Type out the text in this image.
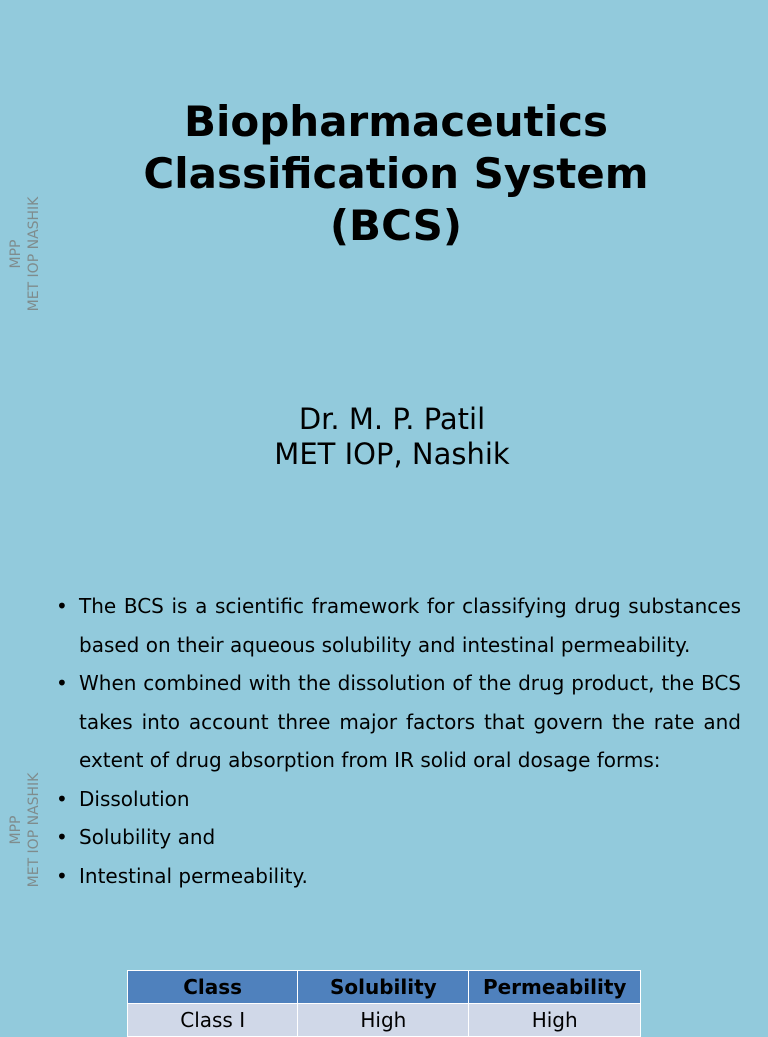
MPP MET IOP NASHIK
Biopharmaceutics
Classification System
(BCS)
Dr. M. P. Patil
MET IOP, Nashik
MPP MET IOP NASHIK
• The BCS is a scientific framework for classifying drug substances based on their aqueous solubility and intestinal permeability.
• When combined with the dissolution of the drug product, the BCS takes into account three major factors that govern the rate and extent of drug absorption from IR solid oral dosage forms:
• Dissolution
• Solubility and
• Intestinal permeability.
Class	Solubility	Permeability
Class I	High	High
